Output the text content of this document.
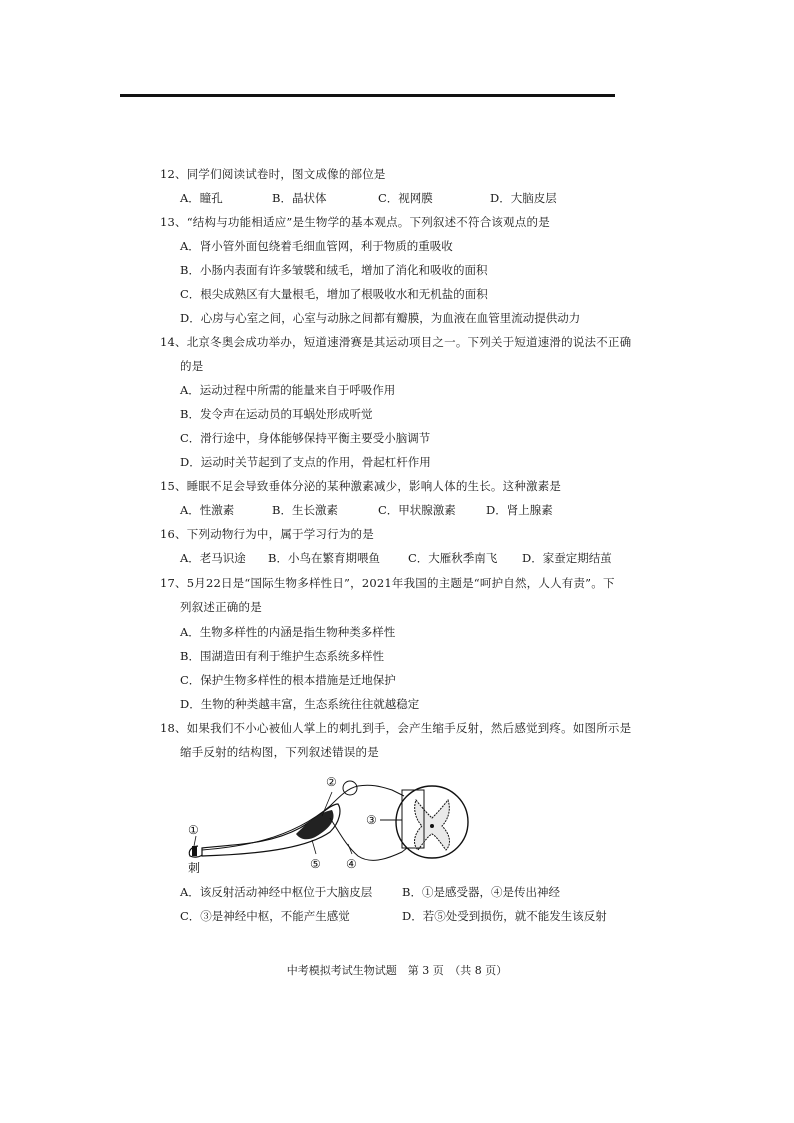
12、同学们阅读试卷时，图文成像的部位是
A．瞳孔	B．晶状体	C．视网膜	D．大脑皮层
13、“结构与功能相适应”是生物学的基本观点。下列叙述不符合该观点的是
A．肾小管外面包绕着毛细血管网，利于物质的重吸收
B．小肠内表面有许多皱襞和绒毛，增加了消化和吸收的面积
C．根尖成熟区有大量根毛，增加了根吸收水和无机盐的面积
D．心房与心室之间，心室与动脉之间都有瓣膜，为血液在血管里流动提供动力
14、北京冬奥会成功举办，短道速滑赛是其运动项目之一。下列关于短道速滑的说法不正确
的是
A．运动过程中所需的能量来自于呼吸作用
B．发令声在运动员的耳蜗处形成听觉
C．滑行途中，身体能够保持平衡主要受小脑调节
D．运动时关节起到了支点的作用，骨起杠杆作用
15、睡眠不足会导致垂体分泌的某种激素减少，影响人体的生长。这种激素是
A．性激素	B．生长激素	C．甲状腺激素	D．肾上腺素
16、下列动物行为中，属于学习行为的是
A．老马识途 B．小鸟在繁育期喂鱼 C．大雁秋季南飞 D．家蚕定期结茧
17、5月22日是“国际生物多样性日”，2021年我国的主题是“呵护自然，人人有责”。下
列叙述正确的是
A．生物多样性的内涵是指生物种类多样性
B．围湖造田有利于维护生态系统多样性
C．保护生物多样性的根本措施是迁地保护
D．生物的种类越丰富，生态系统往往就越稳定
18、如果我们不小心被仙人掌上的刺扎到手，会产生缩手反射，然后感觉到疼。如图所示是
缩手反射的结构图，下列叙述错误的是
①
②
③
④
⑤
刺
A．该反射活动神经中枢位于大脑皮层	B．①是感受器，④是传出神经
C．③是神经中枢，不能产生感觉	D．若⑤处受到损伤，就不能发生该反射
中考模拟考试生物试题　第 3 页　（共 8 页）
